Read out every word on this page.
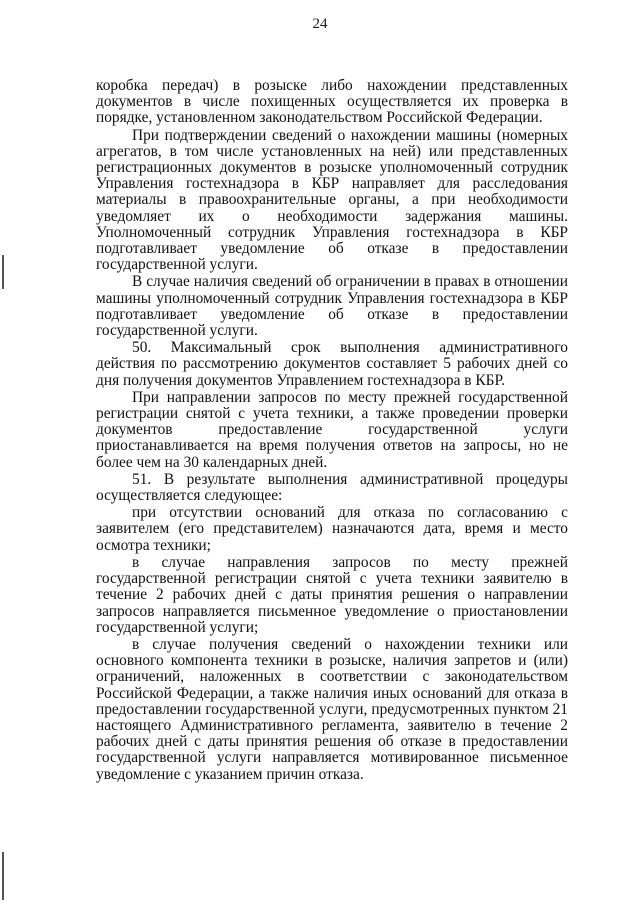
24

коробка передач) в розыске либо нахождении представленных документов в числе похищенных осуществляется их проверка в порядке, установленном законодательством Российской Федерации.

При подтверждении сведений о нахождении машины (номерных агрегатов, в том числе установленных на ней) или представленных регистрационных документов в розыске уполномоченный сотрудник Управления гостехнадзора в КБР направляет для расследования материалы в правоохранительные органы, а при необходимости уведомляет их о необходимости задержания машины. Уполномоченный сотрудник Управления гостехнадзора в КБР подготавливает уведомление об отказе в предоставлении государственной услуги.

В случае наличия сведений об ограничении в правах в отношении машины уполномоченный сотрудник Управления гостехнадзора в КБР подготавливает уведомление об отказе в предоставлении государственной услуги.

50. Максимальный срок выполнения административного действия по рассмотрению документов составляет 5 рабочих дней со дня получения документов Управлением гостехнадзора в КБР.

При направлении запросов по месту прежней государственной регистрации снятой с учета техники, а также проведении проверки документов предоставление государственной услуги приостанавливается на время получения ответов на запросы, но не более чем на 30 календарных дней.

51. В результате выполнения административной процедуры осуществляется следующее:

при отсутствии оснований для отказа по согласованию с заявителем (его представителем) назначаются дата, время и место осмотра техники;

в случае направления запросов по месту прежней государственной регистрации снятой с учета техники заявителю в течение 2 рабочих дней с даты принятия решения о направлении запросов направляется письменное уведомление о приостановлении государственной услуги;

в случае получения сведений о нахождении техники или основного компонента техники в розыске, наличия запретов и (или) ограничений, наложенных в соответствии с законодательством Российской Федерации, а также наличия иных оснований для отказа в предоставлении государственной услуги, предусмотренных пунктом 21 настоящего Административного регламента, заявителю в течение 2 рабочих дней с даты принятия решения об отказе в предоставлении государственной услуги направляется мотивированное письменное уведомление с указанием причин отказа.
